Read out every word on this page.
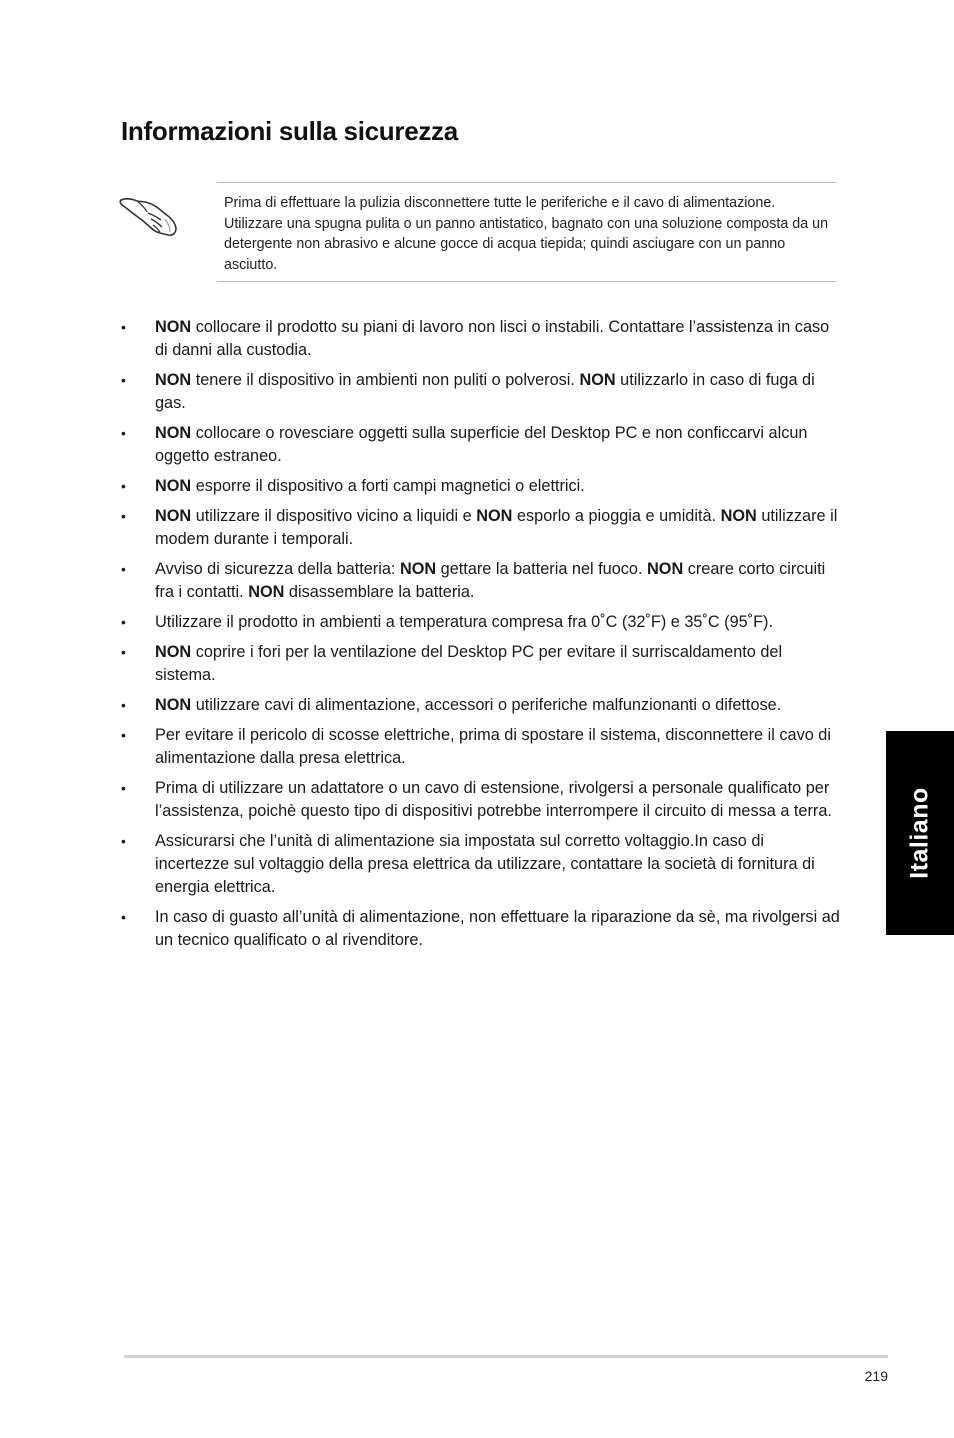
Informazioni sulla sicurezza

Prima di effettuare la pulizia disconnettere tutte le periferiche e il cavo di alimentazione. Utilizzare una spugna pulita o un panno antistatico, bagnato con una soluzione composta da un detergente non abrasivo e alcune gocce di acqua tiepida; quindi asciugare con un panno asciutto.

• NON collocare il prodotto su piani di lavoro non lisci o instabili. Contattare l’assistenza in caso di danni alla custodia.
• NON tenere il dispositivo in ambienti non puliti o polverosi. NON utilizzarlo in caso di fuga di gas.
• NON collocare o rovesciare oggetti sulla superficie del Desktop PC e non conficcarvi alcun oggetto estraneo.
• NON esporre il dispositivo a forti campi magnetici o elettrici.
• NON utilizzare il dispositivo vicino a liquidi e NON esporlo a pioggia e umidità. NON utilizzare il modem durante i temporali.
• Avviso di sicurezza della batteria: NON gettare la batteria nel fuoco. NON creare corto circuiti fra i contatti. NON disassemblare la batteria.
• Utilizzare il prodotto in ambienti a temperatura compresa fra 0˚C (32˚F) e 35˚C (95˚F).
• NON coprire i fori per la ventilazione del Desktop PC per evitare il surriscaldamento del sistema.
• NON utilizzare cavi di alimentazione, accessori o periferiche malfunzionanti o difettose.
• Per evitare il pericolo di scosse elettriche, prima di spostare il sistema, disconnettere il cavo di alimentazione dalla presa elettrica.
• Prima di utilizzare un adattatore o un cavo di estensione, rivolgersi a personale qualificato per l’assistenza, poichè questo tipo di dispositivi potrebbe interrompere il circuito di messa a terra.
• Assicurarsi che l’unità di alimentazione sia impostata sul corretto voltaggio.In caso di incertezze sul voltaggio della presa elettrica da utilizzare, contattare la società di fornitura di energia elettrica.
• In caso di guasto all’unità di alimentazione, non effettuare la riparazione da sè, ma rivolgersi ad un tecnico qualificato o al rivenditore.
Italiano
219
